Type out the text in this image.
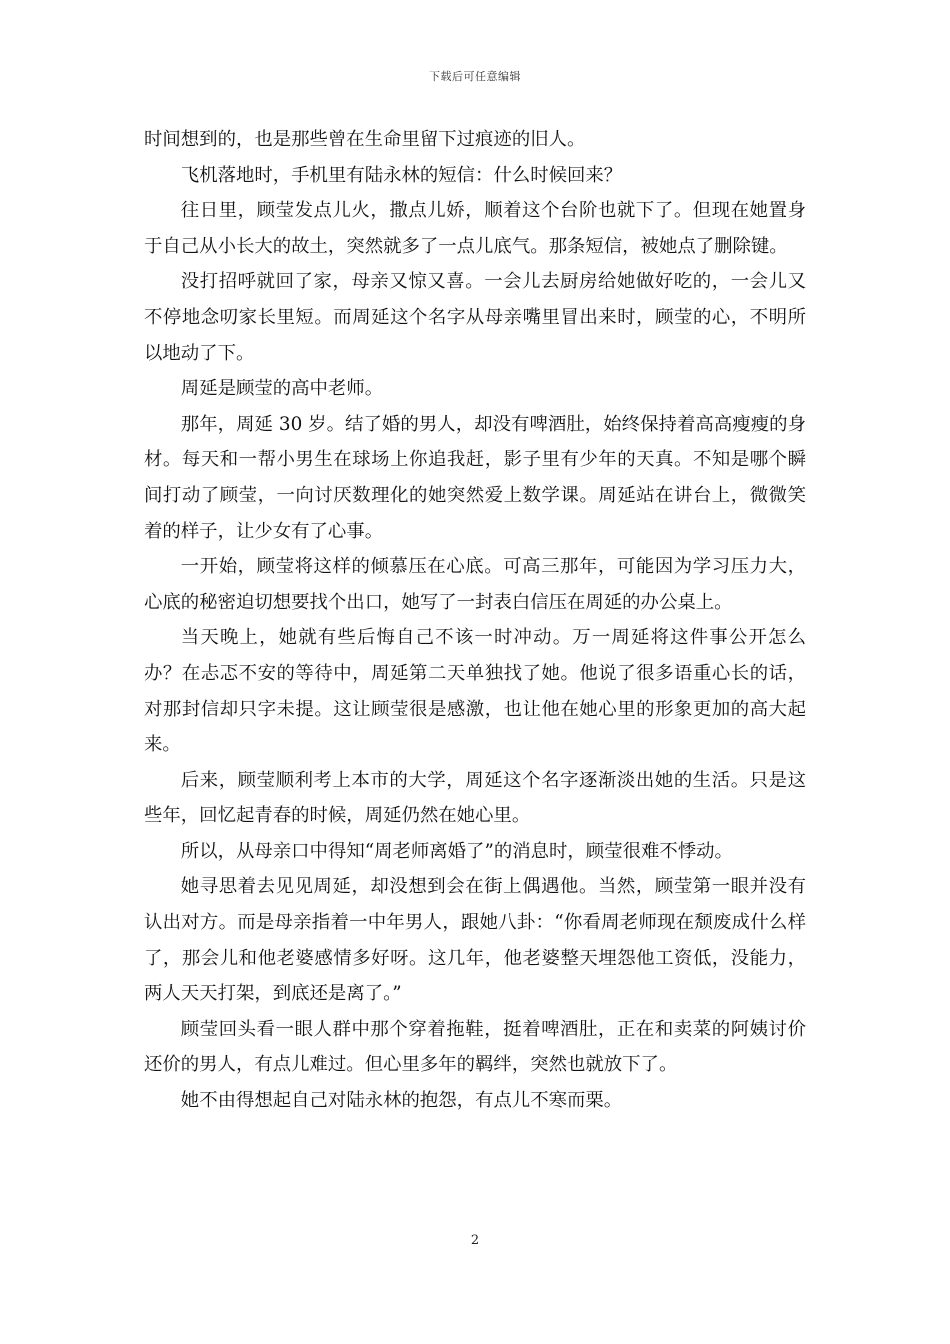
下载后可任意编辑

时间想到的，也是那些曾在生命里留下过痕迹的旧人。

飞机落地时，手机里有陆永林的短信：什么时候回来？

往日里，顾莹发点儿火，撒点儿娇，顺着这个台阶也就下了。但现在她置身于自己从小长大的故土，突然就多了一点儿底气。那条短信，被她点了删除键。

没打招呼就回了家，母亲又惊又喜。一会儿去厨房给她做好吃的，一会儿又不停地念叨家长里短。而周延这个名字从母亲嘴里冒出来时，顾莹的心，不明所以地动了下。

周延是顾莹的高中老师。

那年，周延 30 岁。结了婚的男人，却没有啤酒肚，始终保持着高高瘦瘦的身材。每天和一帮小男生在球场上你追我赶，影子里有少年的天真。不知是哪个瞬间打动了顾莹，一向讨厌数理化的她突然爱上数学课。周延站在讲台上，微微笑着的样子，让少女有了心事。

一开始，顾莹将这样的倾慕压在心底。可高三那年，可能因为学习压力大，心底的秘密迫切想要找个出口，她写了一封表白信压在周延的办公桌上。

当天晚上，她就有些后悔自己不该一时冲动。万一周延将这件事公开怎么办？在忐忑不安的等待中，周延第二天单独找了她。他说了很多语重心长的话，对那封信却只字未提。这让顾莹很是感激，也让他在她心里的形象更加的高大起来。

后来，顾莹顺利考上本市的大学，周延这个名字逐渐淡出她的生活。只是这些年，回忆起青春的时候，周延仍然在她心里。

所以，从母亲口中得知“周老师离婚了”的消息时，顾莹很难不悸动。

她寻思着去见见周延，却没想到会在街上偶遇他。当然，顾莹第一眼并没有认出对方。而是母亲指着一中年男人，跟她八卦：“你看周老师现在颓废成什么样了，那会儿和他老婆感情多好呀。这几年，他老婆整天埋怨他工资低，没能力，两人天天打架，到底还是离了。”

顾莹回头看一眼人群中那个穿着拖鞋，挺着啤酒肚，正在和卖菜的阿姨讨价还价的男人，有点儿难过。但心里多年的羁绊，突然也就放下了。

她不由得想起自己对陆永林的抱怨，有点儿不寒而栗。

2
